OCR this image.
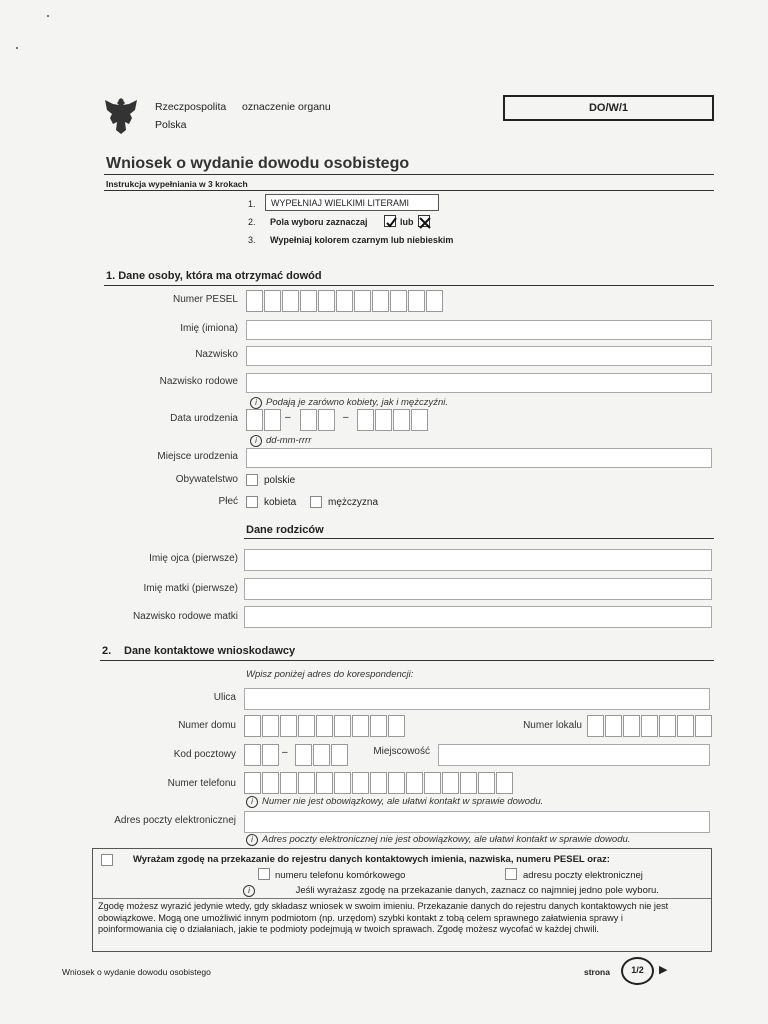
Rzeczpospolita
Polska
oznaczenie organu	DO/W/1
Wniosek o wydanie dowodu osobistego
Instrukcja wypełniania w 3 krokach
1. WYPEŁNIAJ WIELKIMI LITERAMI
2. Pola wyboru zaznaczaj	lub
3. Wypełniaj kolorem czarnym lub niebieskim
1. Dane osoby, która ma otrzymać dowód
Numer PESEL
Imię (imiona)
Nazwisko
Nazwisko rodowe
i Podają je zarówno kobiety, jak i mężczyźni.
Data urodzenia	–	–
i dd-mm-rrrr
Miejsce urodzenia
Obywatelstwo	polskie
Płeć	kobieta	mężczyzna
Dane rodziców
Imię ojca (pierwsze)
Imię matki (pierwsze)
Nazwisko rodowe matki
2. Dane kontaktowe wnioskodawcy
Wpisz poniżej adres do korespondencji:
Ulica
Numer domu	Numer lokalu
Kod pocztowy	–	Miejscowość
Numer telefonu
i Numer nie jest obowiązkowy, ale ułatwi kontakt w sprawie dowodu.
Adres poczty elektronicznej
i Adres poczty elektronicznej nie jest obowiązkowy, ale ułatwi kontakt w sprawie dowodu.
Wyrażam zgodę na przekazanie do rejestru danych kontaktowych imienia, nazwiska, numeru PESEL oraz:
numeru telefonu komórkowego	adresu poczty elektronicznej
i	Jeśli wyrażasz zgodę na przekazanie danych, zaznacz co najmniej jedno pole wyboru.
Zgodę możesz wyrazić jedynie wtedy, gdy składasz wniosek w swoim imieniu. Przekazanie danych do rejestru danych kontaktowych nie jest obowiązkowe. Mogą one umożliwić innym podmiotom (np. urzędom) szybki kontakt z tobą celem sprawnego załatwienia sprawy i poinformowania cię o działaniach, jakie te podmioty podejmują w twoich sprawach. Zgodę możesz wycofać w każdej chwili.
Wniosek o wydanie dowodu osobistego	strona	1/2	▶
